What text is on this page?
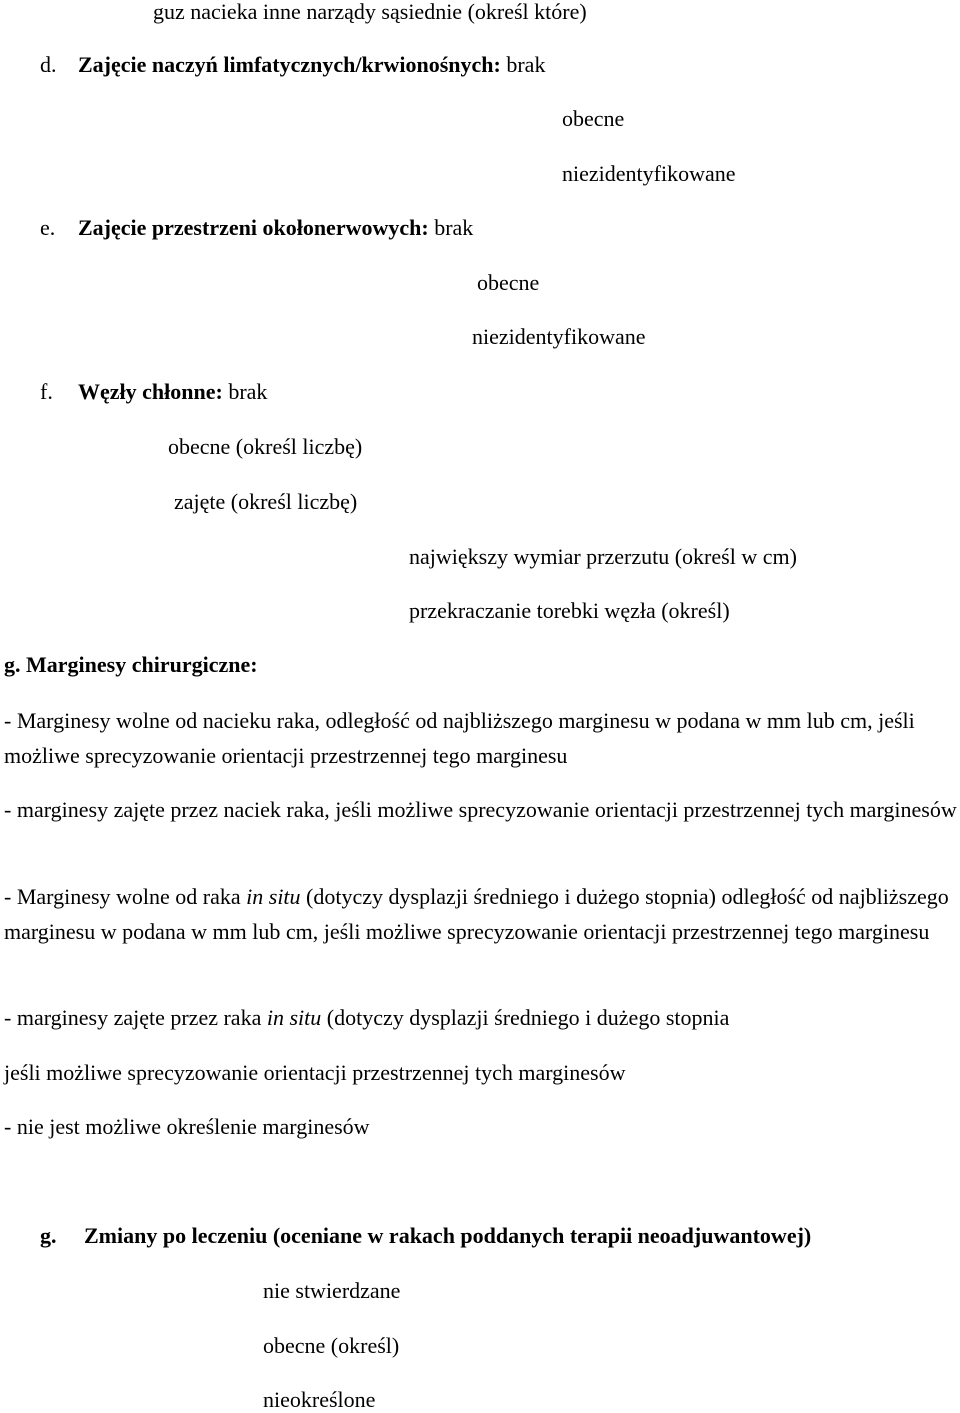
guz nacieka inne narządy sąsiednie (określ które)
d. Zajęcie naczyń limfatycznych/krwionośnych: brak
obecne
niezidentyfikowane
e. Zajęcie przestrzeni okołonerwowych: brak
obecne
niezidentyfikowane
f. Węzły chłonne: brak
obecne (określ liczbę)
zajęte (określ liczbę)
największy wymiar przerzutu (określ w cm)
przekraczanie torebki węzła (określ)
g. Marginesy chirurgiczne:
- Marginesy wolne od nacieku raka, odległość od najbliższego marginesu w podana w mm lub cm, jeśli możliwe sprecyzowanie orientacji przestrzennej tego marginesu
- marginesy zajęte przez naciek raka, jeśli możliwe sprecyzowanie orientacji przestrzennej tych marginesów
- Marginesy wolne od raka in situ (dotyczy dysplazji średniego i dużego stopnia) odległość od najbliższego marginesu w podana w mm lub cm, jeśli możliwe sprecyzowanie orientacji przestrzennej tego marginesu
- marginesy zajęte przez raka in situ (dotyczy dysplazji średniego i dużego stopnia
jeśli możliwe sprecyzowanie orientacji przestrzennej tych marginesów
- nie jest możliwe określenie marginesów
g. Zmiany po leczeniu (oceniane w rakach poddanych terapii neoadjuwantowej)
nie stwierdzane
obecne (określ)
nieokreślone
